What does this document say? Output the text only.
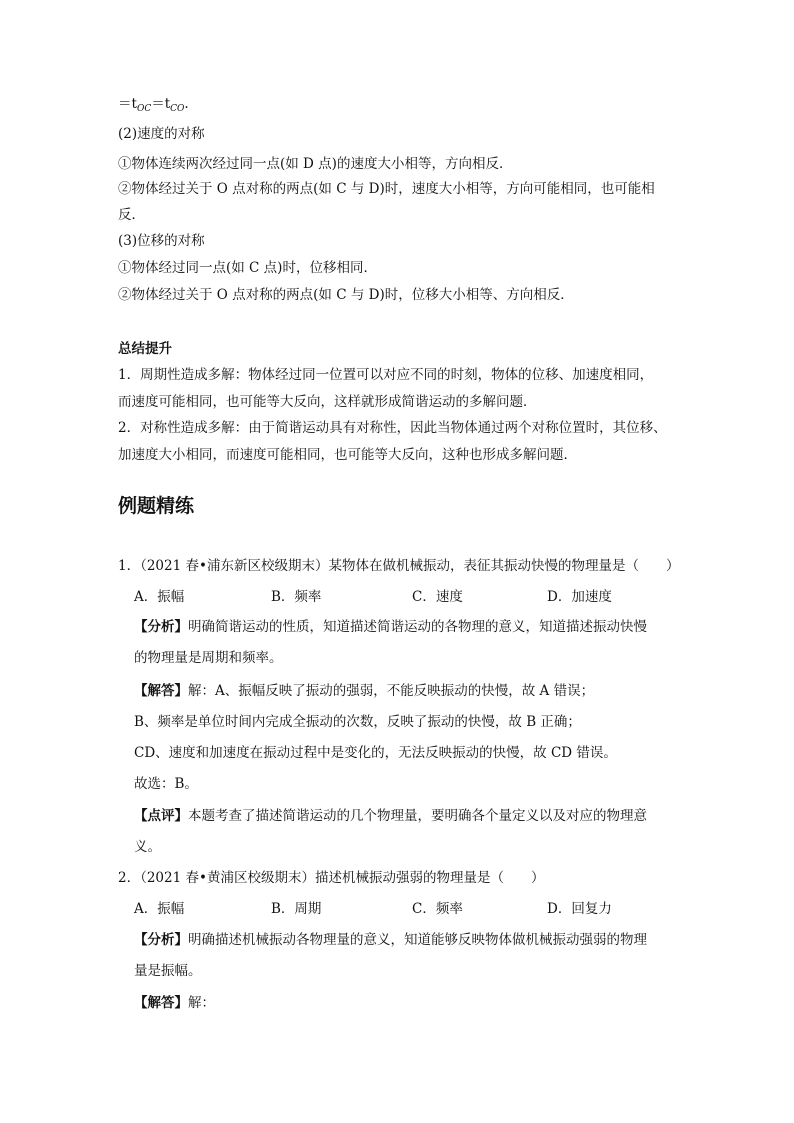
$=t_{OC}=t_{CO}$.
(2)速度的对称
①物体连续两次经过同一点(如 D 点)的速度大小相等，方向相反．
②物体经过关于 O 点对称的两点(如 C 与 D)时，速度大小相等，方向可能相同，也可能相
反．
(3)位移的对称
①物体经过同一点(如 C 点)时，位移相同．
②物体经过关于 O 点对称的两点(如 C 与 D)时，位移大小相等、方向相反．
总结提升
1．周期性造成多解：物体经过同一位置可以对应不同的时刻，物体的位移、加速度相同，
而速度可能相同，也可能等大反向，这样就形成简谐运动的多解问题．
2．对称性造成多解：由于简谐运动具有对称性，因此当物体通过两个对称位置时，其位移、
加速度大小相同，而速度可能相同，也可能等大反向，这种也形成多解问题．
例题精练
1．（2021 春•浦东新区校级期末）某物体在做机械振动，表征其振动快慢的物理量是（　　）
A．振幅	B．频率	C．速度	D．加速度
【分析】明确简谐运动的性质，知道描述简谐运动的各物理的意义，知道描述振动快慢
的物理量是周期和频率。
【解答】解：A、振幅反映了振动的强弱，不能反映振动的快慢，故 A 错误；
B、频率是单位时间内完成全振动的次数，反映了振动的快慢，故 B 正确；
CD、速度和加速度在振动过程中是变化的，无法反映振动的快慢，故 CD 错误。
故选：B。
【点评】本题考查了描述简谐运动的几个物理量，要明确各个量定义以及对应的物理意
义。
2．（2021 春•黄浦区校级期末）描述机械振动强弱的物理量是（　　）
A．振幅	B．周期	C．频率	D．回复力
【分析】明确描述机械振动各物理量的意义，知道能够反映物体做机械振动强弱的物理
量是振幅。
【解答】解：
